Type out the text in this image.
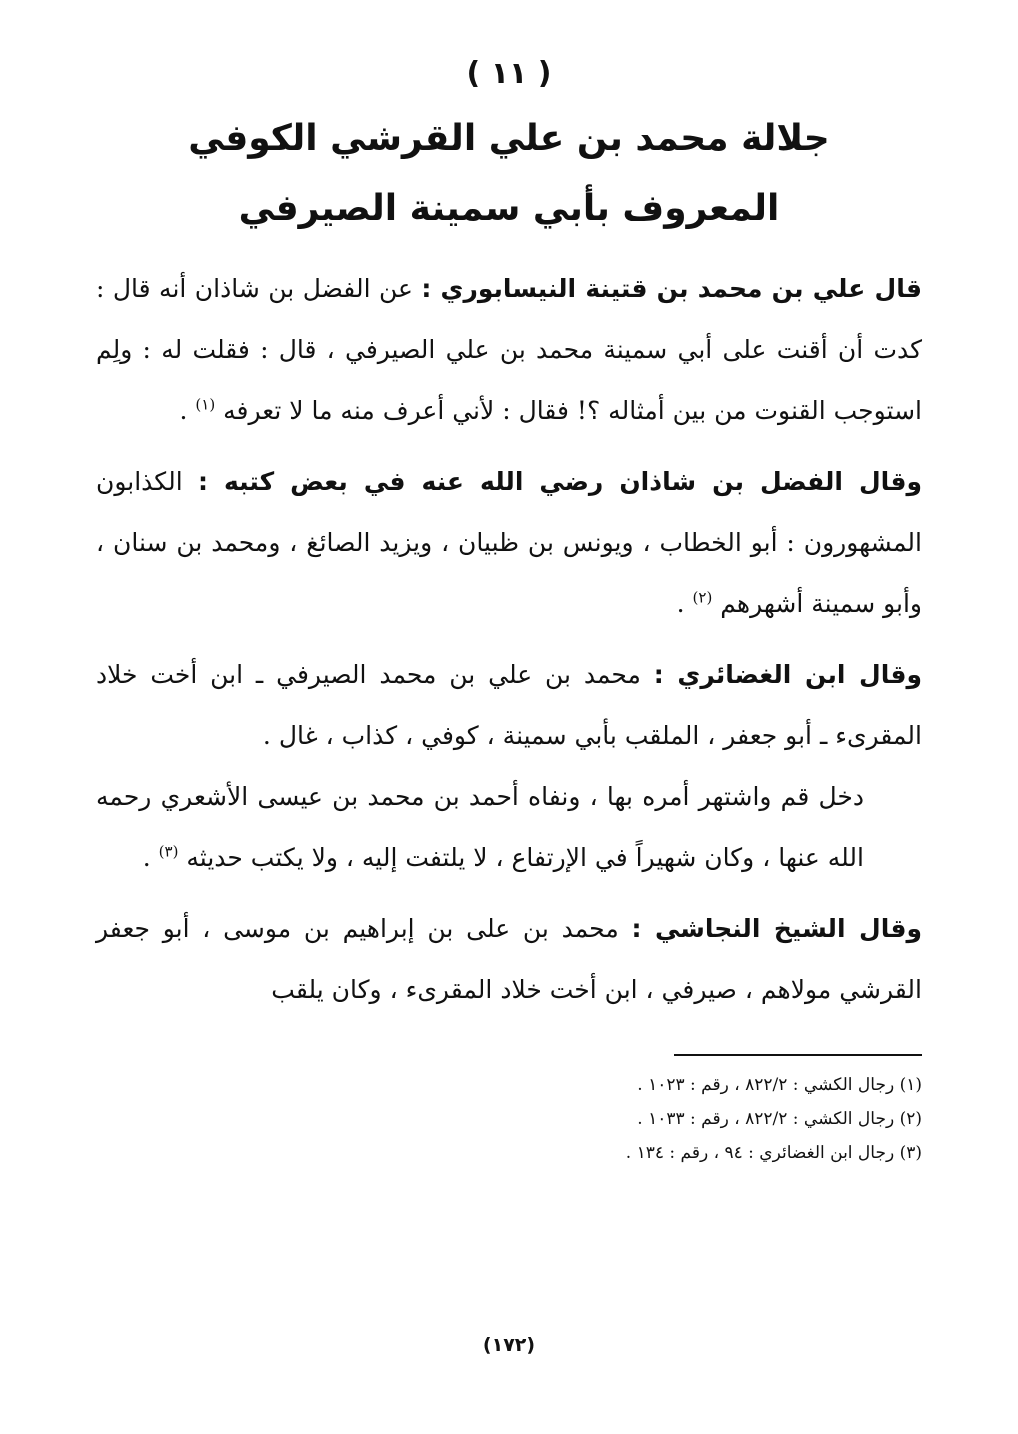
( ١١ )
جلالة محمد بن علي القرشي الكوفي
المعروف بأبي سمينة الصيرفي

قال علي بن محمد بن قتينة النيسابوري : عن الفضل بن شاذان أنه قال : كدت أن أقنت على أبي سمينة محمد بن علي الصيرفي ، قال : فقلت له : ولِم استوجب القنوت من بين أمثاله ؟! فقال : لأني أعرف منه ما لا تعرفه $^{(١)}$ .

وقال الفضل بن شاذان رضي الله عنه في بعض كتبه : الكذابون المشهورون : أبو الخطاب ، ويونس بن ظبيان ، ويزيد الصائغ ، ومحمد بن سنان ، وأبو سمينة أشهرهم $^{(٢)}$ .

وقال ابن الغضائري : محمد بن علي بن محمد الصيرفي ـ ابن أخت خلاد المقرىء ـ أبو جعفر ، الملقب بأبي سمينة ، كوفي ، كذاب ، غال .

دخل قم واشتهر أمره بها ، ونفاه أحمد بن محمد بن عيسى الأشعري رحمه الله عنها ، وكان شهيراً في الإرتفاع ، لا يلتفت إليه ، ولا يكتب حديثه $^{(٣)}$ .

وقال الشيخ النجاشي : محمد بن على بن إبراهيم بن موسى ، أبو جعفر القرشي مولاهم ، صيرفي ، ابن أخت خلاد المقرىء ، وكان يلقب

(١) رجال الكشي : ٨٢٢/٢ ، رقم : ١٠٢٣ .

(٢) رجال الكشي : ٨٢٢/٢ ، رقم : ١٠٣٣ .

(٣) رجال ابن الغضائري : ٩٤ ، رقم : ١٣٤ .

(١٧٢)
